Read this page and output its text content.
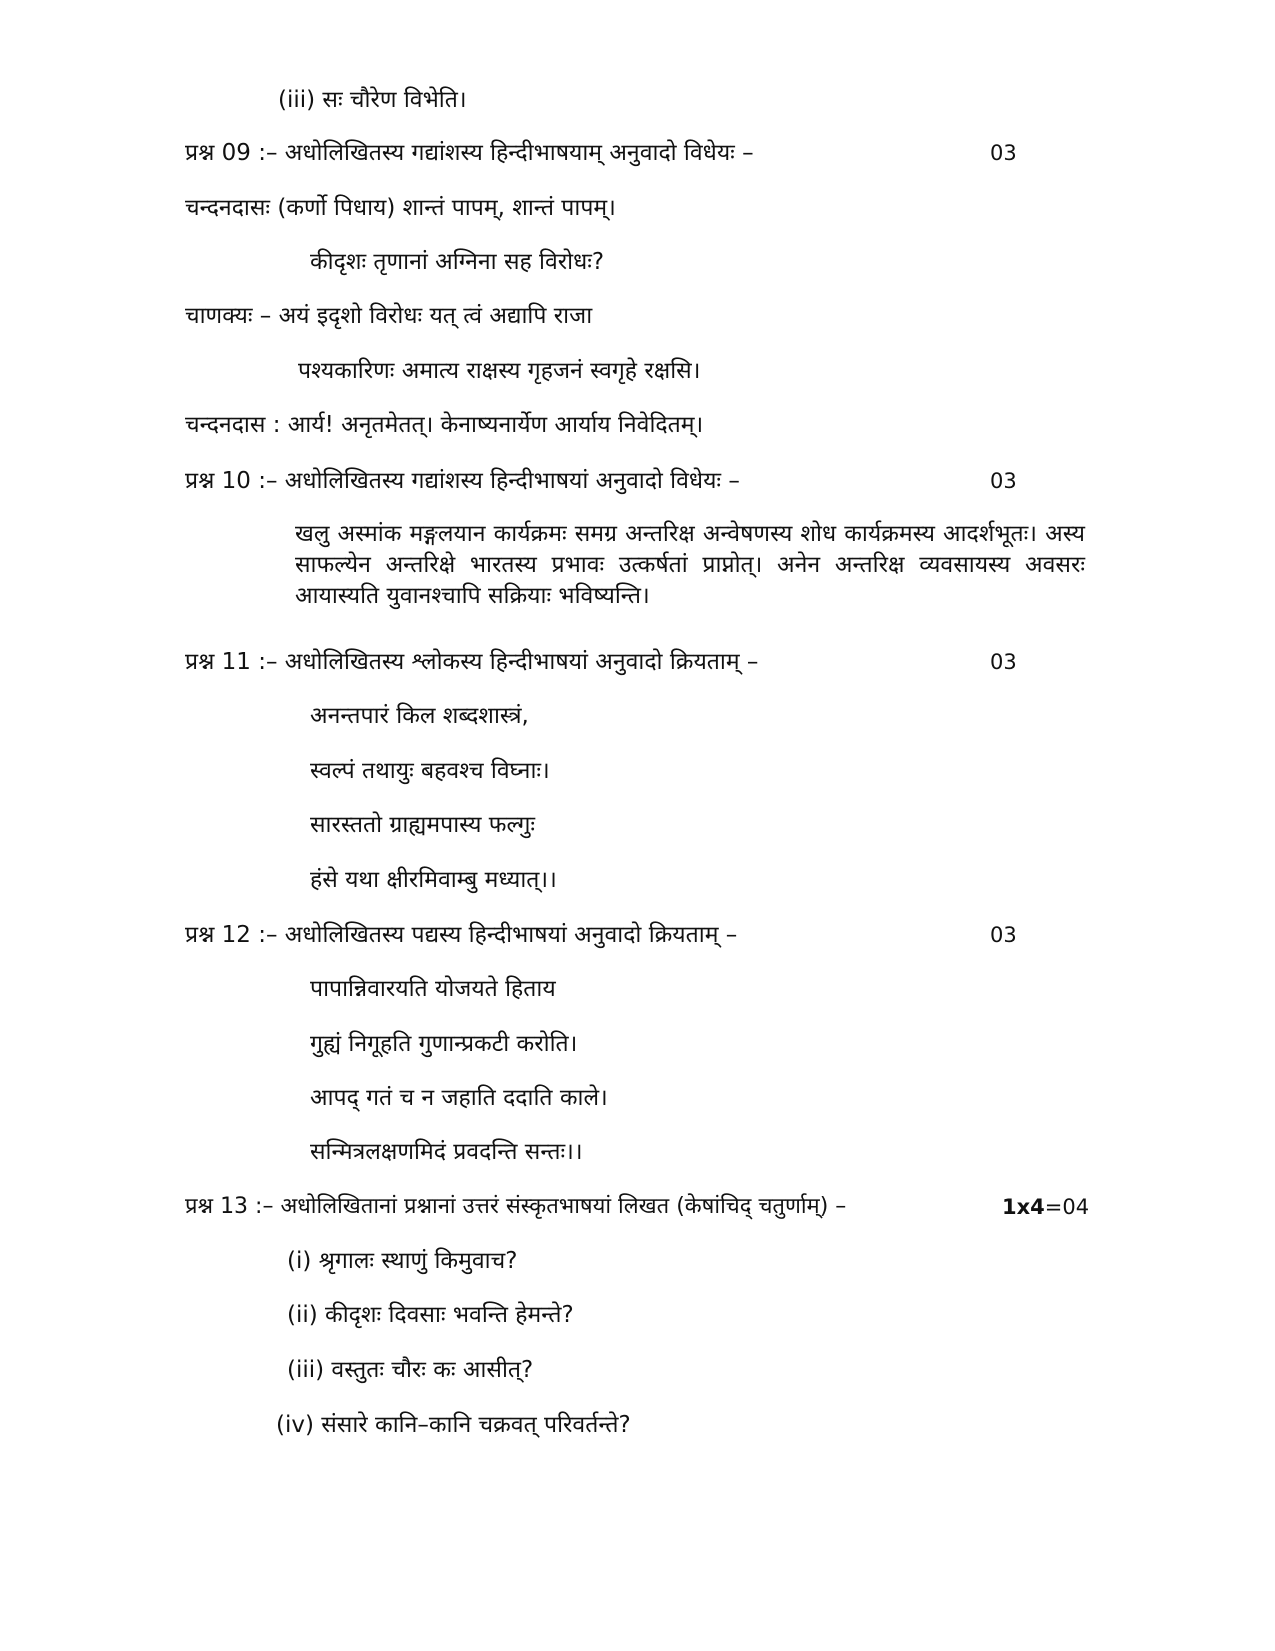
(iii) सः चौरेण विभेति।
प्रश्न 09 :– अधोलिखितस्य गद्यांशस्य हिन्दीभाषयाम् अनुवादो विधेयः –	03
चन्दनदासः (कर्णो पिधाय) शान्तं पापम्, शान्तं पापम्।
कीदृशः तृणानां अग्निना सह विरोधः?
चाणक्यः – अयं इदृशो विरोधः यत् त्वं अद्यापि राजा
पश्यकारिणः अमात्य राक्षस्य गृहजनं स्वगृहे रक्षसि।
चन्दनदास : आर्य! अनृतमेतत्। केनाष्यनार्येण आर्याय निवेदितम्।
प्रश्न 10 :– अधोलिखितस्य गद्यांशस्य हिन्दीभाषयां अनुवादो विधेयः –	03
खलु अस्मांक मङ्गलयान कार्यक्रमः समग्र अन्तरिक्ष अन्वेषणस्य शोध कार्यक्रमस्य आदर्शभूतः। अस्य साफल्येन अन्तरिक्षे भारतस्य प्रभावः उत्कर्षतां प्राप्नोत्। अनेन अन्तरिक्ष व्यवसायस्य अवसरः आयास्यति युवानश्चापि सक्रियाः भविष्यन्ति।
प्रश्न 11 :– अधोलिखितस्य श्लोकस्य हिन्दीभाषयां अनुवादो क्रियताम् –	03
अनन्तपारं किल शब्दशास्त्रं,
स्वल्पं तथायुः बहवश्च विघ्नाः।
सारस्ततो ग्राह्यमपास्य फल्गुः
हंसे यथा क्षीरमिवाम्बु मध्यात्।।
प्रश्न 12 :– अधोलिखितस्य पद्यस्य हिन्दीभाषयां अनुवादो क्रियताम् –	03
पापान्निवारयति योजयते हिताय
गुह्यं निगूहति गुणान्प्रकटी करोति।
आपद् गतं च न जहाति ददाति काले।
सन्मित्रलक्षणमिदं प्रवदन्ति सन्तः।।
प्रश्न 13 :– अधोलिखितानां प्रश्नानां उत्तरं संस्कृतभाषयां लिखत (केषांचिद् चतुर्णाम्) –	1x4=04
(i) श्रृगालः स्थाणुं किमुवाच?
(ii) कीदृशः दिवसाः भवन्ति हेमन्ते?
(iii) वस्तुतः चौरः कः आसीत्?
(iv) संसारे कानि–कानि चक्रवत् परिवर्तन्ते?
